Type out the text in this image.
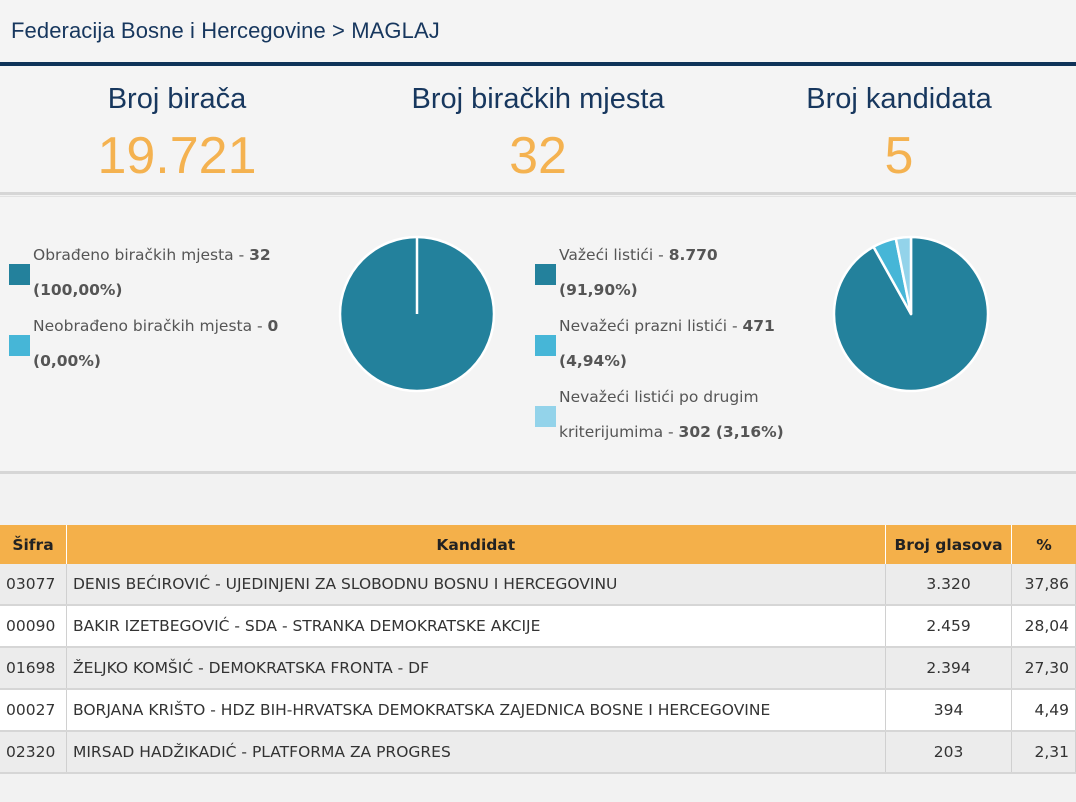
Federacija Bosne i Hercegovine > MAGLAJ
Broj birača
19.721
Broj biračkih mjesta
32
Broj kandidata
5
Obrađeno biračkih mjesta - 32
(100,00%)
Neobrađeno biračkih mjesta - 0
(0,00%)
Važeći listići - 8.770
(91,90%)
Nevažeći prazni listići - 471
(4,94%)
Nevažeći listići po drugim
kriterijumima - 302 (3,16%)
Šifra	Kandidat	Broj glasova	%
03077	DENIS BEĆIROVIĆ - UJEDINJENI ZA SLOBODNU BOSNU I HERCEGOVINU	3.320	37,86
00090	BAKIR IZETBEGOVIĆ - SDA - STRANKA DEMOKRATSKE AKCIJE	2.459	28,04
01698	ŽELJKO KOMŠIĆ - DEMOKRATSKA FRONTA - DF	2.394	27,30
00027	BORJANA KRIŠTO - HDZ BIH-HRVATSKA DEMOKRATSKA ZAJEDNICA BOSNE I HERCEGOVINE	394	4,49
02320	MIRSAD HADŽIKADIĆ - PLATFORMA ZA PROGRES	203	2,31
